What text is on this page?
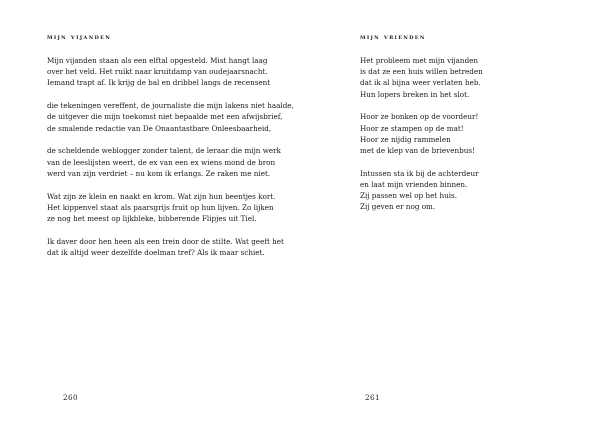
mijn vijanden
Mijn vijanden staan als een elftal opgesteld. Mist hangt laag
over het veld. Het ruikt naar kruitdamp van oudejaarsnacht.
Iemand trapt af. Ik krijg de bal en dribbel langs de recensent
die tekeningen vereffent, de journaliste die mijn lakens niet haalde,
de uitgever die mijn toekomst niet bepaalde met een afwijsbrief,
de smalende redactie van De Onaantastbare Onleesbaarheid,
de scheldende weblogger zonder talent, de leraar die mijn werk
van de leeslijsten weert, de ex van een ex wiens mond de bron
werd van zijn verdriet – nu kom ik erlangs. Ze raken me niet.
Wat zijn ze klein en naakt en krom. Wat zijn hun beentjes kort.
Het kippenvel staat als paarsgrijs fruit op hun lijven. Zo lijken
ze nog het meest op lijkbleke, bibberende Flipjes uit Tiel.
Ik daver door hen heen als een trein door de stilte. Wat geeft het
dat ik altijd weer dezelfde doelman tref? Als ik maar schiet.
260
mijn vrienden
Het probleem met mijn vijanden
is dat ze een huis willen betreden
dat ik al bijna weer verlaten heb.
Hun lopers breken in het slot.
Hoor ze bonken op de voordeur!
Hoor ze stampen op de mat!
Hoor ze nijdig rammelen
met de klep van de brievenbus!
Intussen sta ik bij de achterdeur
en laat mijn vrienden binnen.
Zij passen wel op het huis.
Zij geven er nog om.
261
